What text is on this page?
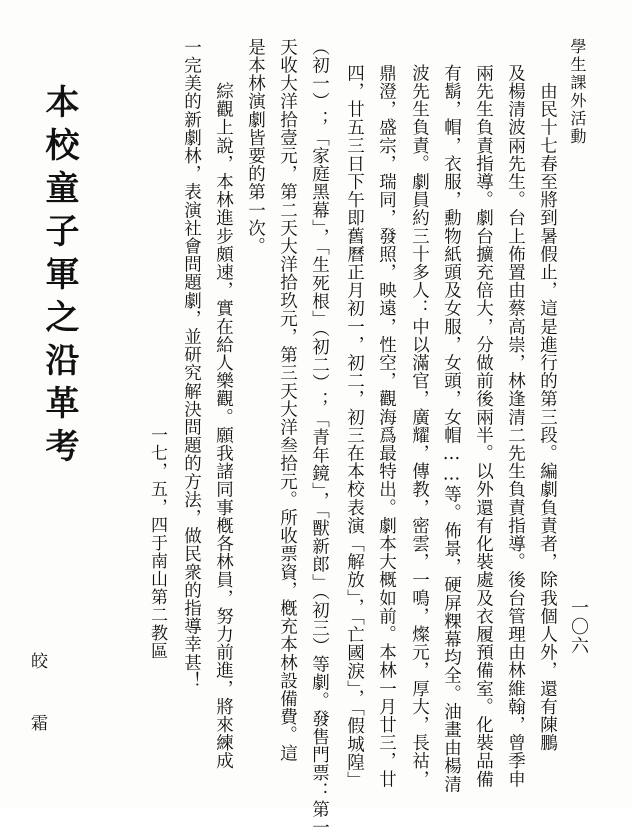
學生課外活動
一〇六
　由民十七春至將到暑假止，這是進行的第三段。編劇負責者，除我個人外，還有陳鵬
及楊清波兩先生。台上佈置由蔡高崇，林逢清二先生負責指導。後台管理由林維翰，曾季申
兩先生負責指導。劇台擴充倍大，分做前後兩半。以外還有化裝處及衣履預備室。化裝品備
有鬍，帽，衣服，勳物紙頭及女服，女頭，女帽……等。佈景，硬屏粿幕均全。油畫由楊清
波先生負責。劇員約三十多人：中以滿官，廣耀，傳教，密雲，一鳴，燦元，厚大，長祜，
鼎澄，盛宗，瑞同，發照，映遠，性空，觀海爲最特出。劇本大概如前。本林一月廿三，廿
四，廿五三日下午即舊曆正月初一，初二，初三在本校表演「解放」，「亡國淚」，「假城隍」
（初一）；「家庭黑幕」，「生死根」（初二）；「青年鏡」，「獸新郎」（初三）等劇。發售門票：第一
天收大洋拾壹元，第二天大洋拾玖元，第三天大洋叁拾元。所收票資，槪充本林設備費。這
是本林演劇皆要的第一次。
　綜觀上說，本林進步頗速，實在給人樂觀。願我諸同事槪各林員，努力前進，將來練成
一完美的新劇林，表演社會問題劇，並研究解決問題的方法，做民衆的指導幸甚！
一七，五，四于南山第二教區
本校童子軍之沿革考
皎　霜
